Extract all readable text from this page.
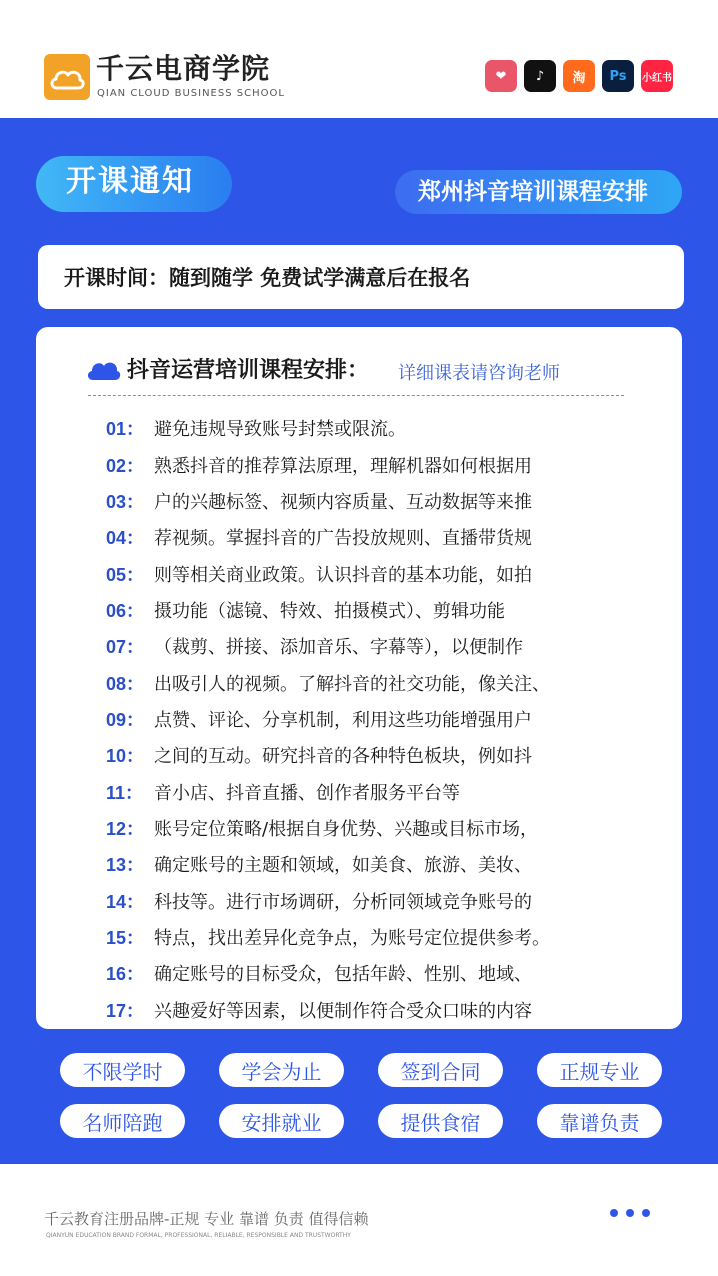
千云电商学院
QIAN CLOUD BUSINESS SCHOOL
❤	♪	淘	Ps	小红书
开课通知	郑州抖音培训课程安排
开课时间：随到随学 免费试学满意后在报名
抖音运营培训课程安排： 详细课表请咨询老师
01： 避免违规导致账号封禁或限流。
02： 熟悉抖音的推荐算法原理，理解机器如何根据用
03： 户的兴趣标签、视频内容质量、互动数据等来推
04： 荐视频。掌握抖音的广告投放规则、直播带货规
05： 则等相关商业政策。认识抖音的基本功能，如拍
06： 摄功能（滤镜、特效、拍摄模式）、剪辑功能
07： （裁剪、拼接、添加音乐、字幕等），以便制作
08： 出吸引人的视频。了解抖音的社交功能，像关注、
09： 点赞、评论、分享机制，利用这些功能增强用户
10： 之间的互动。研究抖音的各种特色板块，例如抖
11： 音小店、抖音直播、创作者服务平台等
12： 账号定位策略/根据自身优势、兴趣或目标市场，
13： 确定账号的主题和领域，如美食、旅游、美妆、
14： 科技等。进行市场调研，分析同领域竞争账号的
15： 特点，找出差异化竞争点，为账号定位提供参考。
16： 确定账号的目标受众，包括年龄、性别、地域、
17： 兴趣爱好等因素，以便制作符合受众口味的内容
不限学时	学会为止	签到合同	正规专业
名师陪跑	安排就业	提供食宿	靠谱负责
千云教育注册品牌-正规 专业 靠谱 负责 值得信赖
QIANYUN EDUCATION BRAND FORMAL, PROFESSIONAL, RELIABLE, RESPONSIBLE AND TRUSTWORTHY
